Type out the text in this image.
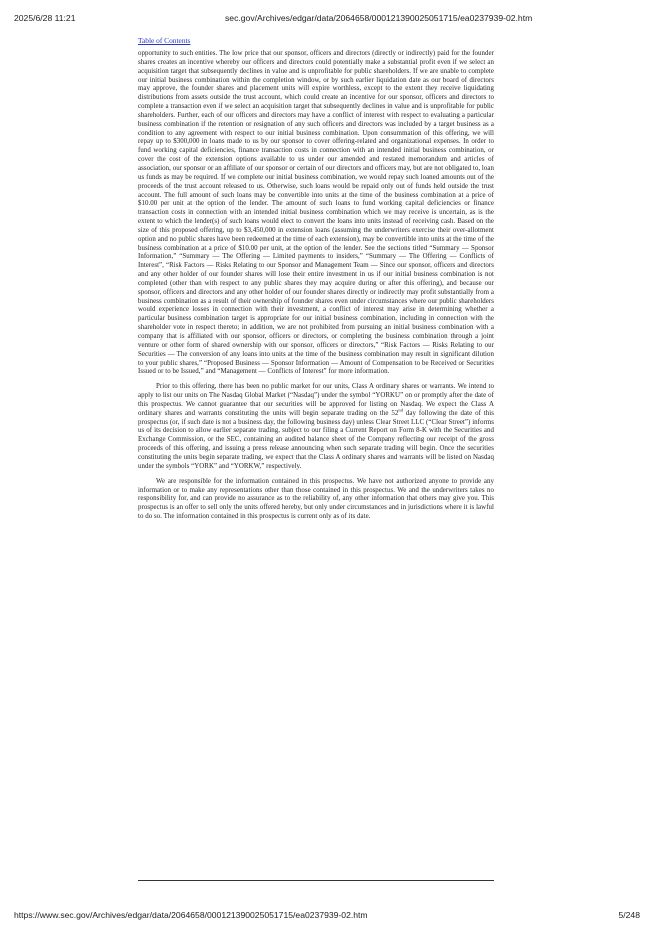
2025/6/28 11:21	sec.gov/Archives/edgar/data/2064658/000121390025051715/ea0237939-02.htm
Table of Contents

opportunity to such entities. The low price that our sponsor, officers and directors (directly or indirectly) paid for the founder shares creates an incentive whereby our officers and directors could potentially make a substantial profit even if we select an acquisition target that subsequently declines in value and is unprofitable for public shareholders. If we are unable to complete our initial business combination within the completion window, or by such earlier liquidation date as our board of directors may approve, the founder shares and placement units will expire worthless, except to the extent they receive liquidating distributions from assets outside the trust account, which could create an incentive for our sponsor, officers and directors to complete a transaction even if we select an acquisition target that subsequently declines in value and is unprofitable for public shareholders. Further, each of our officers and directors may have a conflict of interest with respect to evaluating a particular business combination if the retention or resignation of any such officers and directors was included by a target business as a condition to any agreement with respect to our initial business combination. Upon consummation of this offering, we will repay up to $300,000 in loans made to us by our sponsor to cover offering-related and organizational expenses. In order to fund working capital deficiencies, finance transaction costs in connection with an intended initial business combination, or cover the cost of the extension options available to us under our amended and restated memorandum and articles of association, our sponsor or an affiliate of our sponsor or certain of our directors and officers may, but are not obligated to, loan us funds as may be required. If we complete our initial business combination, we would repay such loaned amounts out of the proceeds of the trust account released to us. Otherwise, such loans would be repaid only out of funds held outside the trust account. The full amount of such loans may be convertible into units at the time of the business combination at a price of $10.00 per unit at the option of the lender. The amount of such loans to fund working capital deficiencies or finance transaction costs in connection with an intended initial business combination which we may receive is uncertain, as is the extent to which the lender(s) of such loans would elect to convert the loans into units instead of receiving cash. Based on the size of this proposed offering, up to $3,450,000 in extension loans (assuming the underwriters exercise their over-allotment option and no public shares have been redeemed at the time of each extension), may be convertible into units at the time of the business combination at a price of $10.00 per unit, at the option of the lender. See the sections titled “Summary — Sponsor Information,” “Summary — The Offering — Limited payments to insiders,” “Summary — The Offering — Conflicts of Interest”, “Risk Factors — Risks Relating to our Sponsor and Management Team — Since our sponsor, officers and directors and any other holder of our founder shares will lose their entire investment in us if our initial business combination is not completed (other than with respect to any public shares they may acquire during or after this offering), and because our sponsor, officers and directors and any other holder of our founder shares directly or indirectly may profit substantially from a business combination as a result of their ownership of founder shares even under circumstances where our public shareholders would experience losses in connection with their investment, a conflict of interest may arise in determining whether a particular business combination target is appropriate for our initial business combination, including in connection with the shareholder vote in respect thereto; in addition, we are not prohibited from pursuing an initial business combination with a company that is affiliated with our sponsor, officers or directors, or completing the business combination through a joint venture or other form of shared ownership with our sponsor, officers or directors,” “Risk Factors — Risks Relating to our Securities — The conversion of any loans into units at the time of the business combination may result in significant dilution to your public shares,” “Proposed Business — Sponsor Information — Amount of Compensation to be Received or Securities Issued or to be Issued,” and “Management — Conflicts of Interest” for more information.

Prior to this offering, there has been no public market for our units, Class A ordinary shares or warrants. We intend to apply to list our units on The Nasdaq Global Market (“Nasdaq”) under the symbol “YORKU” on or promptly after the date of this prospectus. We cannot guarantee that our securities will be approved for listing on Nasdaq. We expect the Class A ordinary shares and warrants constituting the units will begin separate trading on the 52nd day following the date of this prospectus (or, if such date is not a business day, the following business day) unless Clear Street LLC (“Clear Street”) informs us of its decision to allow earlier separate trading, subject to our filing a Current Report on Form 8-K with the Securities and Exchange Commission, or the SEC, containing an audited balance sheet of the Company reflecting our receipt of the gross proceeds of this offering, and issuing a press release announcing when such separate trading will begin. Once the securities constituting the units begin separate trading, we expect that the Class A ordinary shares and warrants will be listed on Nasdaq under the symbols “YORK” and “YORKW,” respectively.

We are responsible for the information contained in this prospectus. We have not authorized anyone to provide any information or to make any representations other than those contained in this prospectus. We and the underwriters takes no responsibility for, and can provide no assurance as to the reliability of, any other information that others may give you. This prospectus is an offer to sell only the units offered hereby, but only under circumstances and in jurisdictions where it is lawful to do so. The information contained in this prospectus is current only as of its date.

https://www.sec.gov/Archives/edgar/data/2064658/000121390025051715/ea0237939-02.htm	5/248
